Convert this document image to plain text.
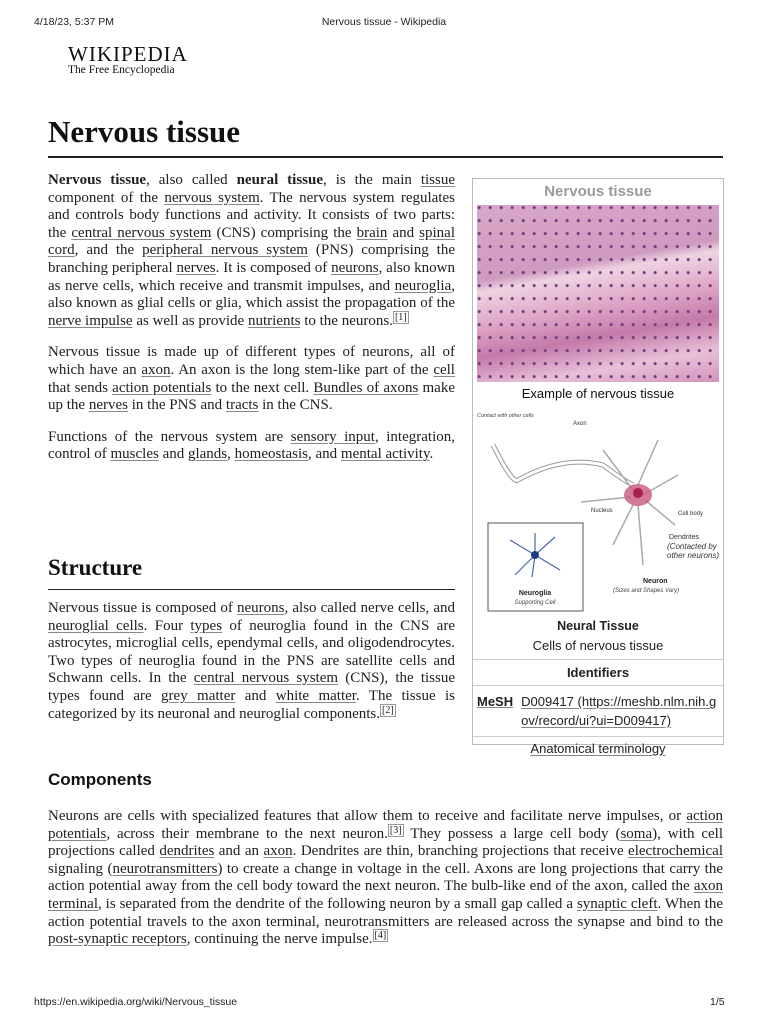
4/18/23, 5:37 PM	Nervous tissue - Wikipedia
WIKIPEDIA
The Free Encyclopedia
Nervous tissue

Nervous tissue, also called neural tissue, is the main tissue component of the nervous system. The nervous system regulates and controls body functions and activity. It consists of two parts: the central nervous system (CNS) comprising the brain and spinal cord, and the peripheral nervous system (PNS) comprising the branching peripheral nerves. It is composed of neurons, also known as nerve cells, which receive and transmit impulses, and neuroglia, also known as glial cells or glia, which assist the propagation of the nerve impulse as well as provide nutrients to the neurons. [1]

Nervous tissue is made up of different types of neurons, all of which have an axon. An axon is the long stem-like part of the cell that sends action potentials to the next cell. Bundles of axons make up the nerves in the PNS and tracts in the CNS.

Functions of the nervous system are sensory input, integration, control of muscles and glands, homeostasis, and mental activity.

Structure

Nervous tissue is composed of neurons, also called nerve cells, and neuroglial cells. Four types of neuroglia found in the CNS are astrocytes, microglial cells, ependymal cells, and oligodendrocytes. Two types of neuroglia found in the PNS are satellite cells and Schwann cells. In the central nervous system (CNS), the tissue types found are grey matter and white matter. The tissue is categorized by its neuronal and neuroglial components. [2]

Components
Neurons are cells with specialized features that allow them to receive and facilitate nerve impulses, or action potentials, across their membrane to the next neuron. [3] They possess a large cell body (soma), with cell projections called dendrites and an axon. Dendrites are thin, branching projections that receive electrochemical signaling (neurotransmitters) to create a change in voltage in the cell. Axons are long projections that carry the action potential away from the cell body toward the next neuron. The bulb-like end of the axon, called the axon terminal, is separated from the dendrite of the following neuron by a small gap called a synaptic cleft. When the action potential travels to the axon terminal, neurotransmitters are released across the synapse and bind to the post-synaptic receptors, continuing the nerve impulse. [4]
Nervous tissue
Example of nervous tissue
Contact with other cells
Axon
Nucleus	Cell body
Dendrites
(Contacted by other neurons)
Neuron
(Sizes and Shapes Vary)
Neuroglia
Supporting Cell
Neural Tissue
Cells of nervous tissue
Identifiers
MeSH D009417 (https://meshb.nlm.nih.gov/record/ui?ui=D009417)
Anatomical terminology
https://en.wikipedia.org/wiki/Nervous_tissue	1/5
